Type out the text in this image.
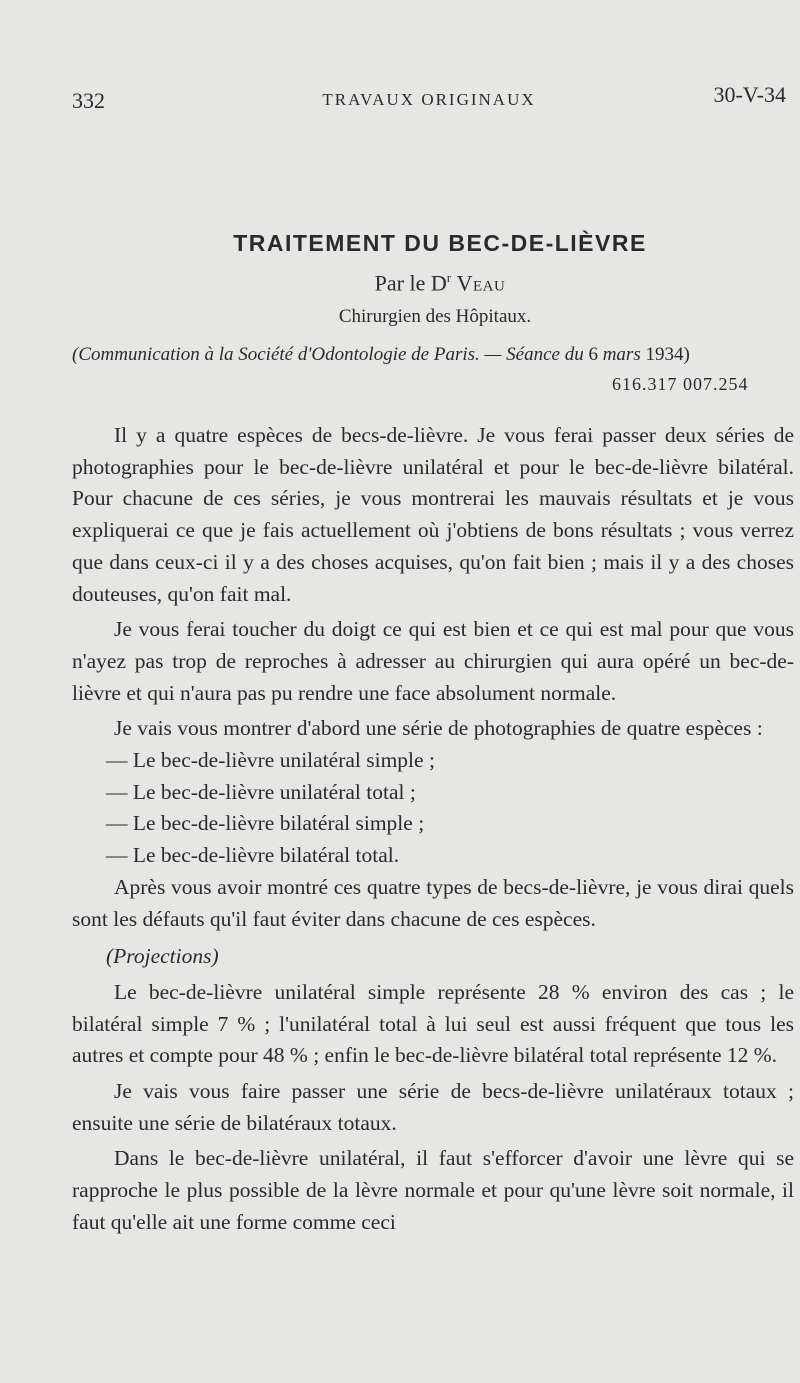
332	TRAVAUX ORIGINAUX	30-V-34
TRAITEMENT DU BEC-DE-LIÈVRE
Par le $D^r$ Veau
Chirurgien des Hôpitaux.
(Communication à la Société d'Odontologie de Paris. — Séance du 6 mars 1934)
616.317 007.254

Il y a quatre espèces de becs-de-lièvre. Je vous ferai passer deux séries de photographies pour le bec-de-lièvre unilatéral et pour le bec-de-lièvre bilatéral. Pour chacune de ces séries, je vous montrerai les mauvais résultats et je vous expliquerai ce que je fais actuellement où j'obtiens de bons résultats ; vous verrez que dans ceux-ci il y a des choses acquises, qu'on fait bien ; mais il y a des choses douteuses, qu'on fait mal.

Je vous ferai toucher du doigt ce qui est bien et ce qui est mal pour que vous n'ayez pas trop de reproches à adresser au chirurgien qui aura opéré un bec-de-lièvre et qui n'aura pas pu rendre une face absolument normale.

Je vais vous montrer d'abord une série de photographies de quatre espèces :

— Le bec-de-lièvre unilatéral simple ;

— Le bec-de-lièvre unilatéral total ;

— Le bec-de-lièvre bilatéral simple ;

— Le bec-de-lièvre bilatéral total.

Après vous avoir montré ces quatre types de becs-de-lièvre, je vous dirai quels sont les défauts qu'il faut éviter dans chacune de ces espèces.

(Projections)

Le bec-de-lièvre unilatéral simple représente 28 % environ des cas ; le bilatéral simple 7 % ; l'unilatéral total à lui seul est aussi fréquent que tous les autres et compte pour 48 % ; enfin le bec-de-lièvre bilatéral total représente 12 %.

Je vais vous faire passer une série de becs-de-lièvre unilatéraux totaux ; ensuite une série de bilatéraux totaux.

Dans le bec-de-lièvre unilatéral, il faut s'efforcer d'avoir une lèvre qui se rapproche le plus possible de la lèvre normale et pour qu'une lèvre soit normale, il faut qu'elle ait une forme comme ceci
